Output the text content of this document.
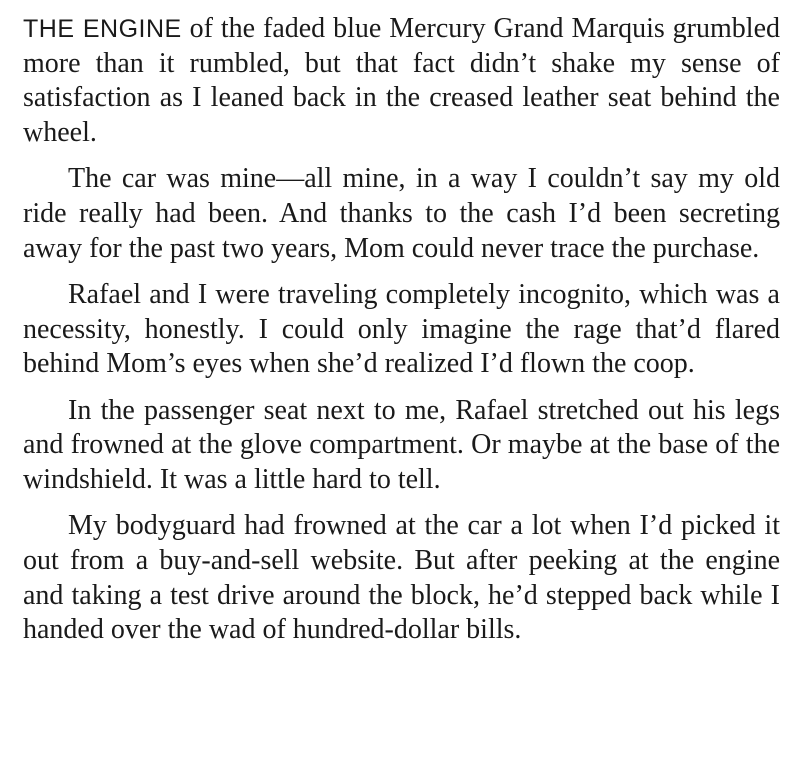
THE ENGINE of the faded blue Mercury Grand Marquis grumbled more than it rumbled, but that fact didn’t shake my sense of satisfaction as I leaned back in the creased leather seat behind the wheel.

The car was mine—all mine, in a way I couldn’t say my old ride really had been. And thanks to the cash I’d been secreting away for the past two years, Mom could never trace the purchase.

Rafael and I were traveling completely incognito, which was a necessity, honestly. I could only imagine the rage that’d flared behind Mom’s eyes when she’d realized I’d flown the coop.

In the passenger seat next to me, Rafael stretched out his legs and frowned at the glove compartment. Or maybe at the base of the windshield. It was a little hard to tell.

My bodyguard had frowned at the car a lot when I’d picked it out from a buy-and-sell website. But after peeking at the engine and taking a test drive around the block, he’d stepped back while I handed over the wad of hundred-dollar bills.
